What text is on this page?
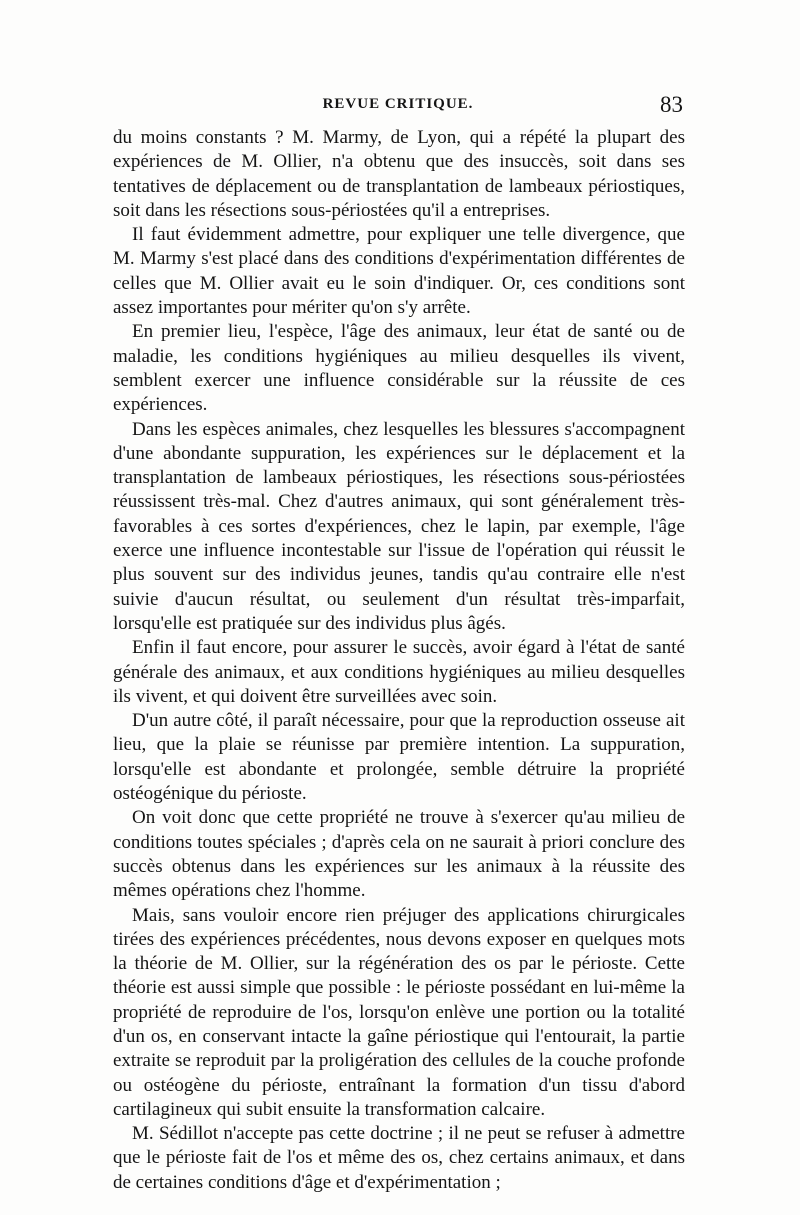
REVUE CRITIQUE.	83

du moins constants ? M. Marmy, de Lyon, qui a répété la plupart des expériences de M. Ollier, n'a obtenu que des insuccès, soit dans ses tentatives de déplacement ou de transplantation de lambeaux périostiques, soit dans les résections sous-périostées qu'il a entreprises.

Il faut évidemment admettre, pour expliquer une telle divergence, que M. Marmy s'est placé dans des conditions d'expérimentation différentes de celles que M. Ollier avait eu le soin d'indiquer. Or, ces conditions sont assez importantes pour mériter qu'on s'y arrête.

En premier lieu, l'espèce, l'âge des animaux, leur état de santé ou de maladie, les conditions hygiéniques au milieu desquelles ils vivent, semblent exercer une influence considérable sur la réussite de ces expériences.

Dans les espèces animales, chez lesquelles les blessures s'accompagnent d'une abondante suppuration, les expériences sur le déplacement et la transplantation de lambeaux périostiques, les résections sous-périostées réussissent très-mal. Chez d'autres animaux, qui sont généralement très-favorables à ces sortes d'expériences, chez le lapin, par exemple, l'âge exerce une influence incontestable sur l'issue de l'opération qui réussit le plus souvent sur des individus jeunes, tandis qu'au contraire elle n'est suivie d'aucun résultat, ou seulement d'un résultat très-imparfait, lorsqu'elle est pratiquée sur des individus plus âgés.

Enfin il faut encore, pour assurer le succès, avoir égard à l'état de santé générale des animaux, et aux conditions hygiéniques au milieu desquelles ils vivent, et qui doivent être surveillées avec soin.

D'un autre côté, il paraît nécessaire, pour que la reproduction osseuse ait lieu, que la plaie se réunisse par première intention. La suppuration, lorsqu'elle est abondante et prolongée, semble détruire la propriété ostéogénique du périoste.

On voit donc que cette propriété ne trouve à s'exercer qu'au milieu de conditions toutes spéciales ; d'après cela on ne saurait à priori conclure des succès obtenus dans les expériences sur les animaux à la réussite des mêmes opérations chez l'homme.

Mais, sans vouloir encore rien préjuger des applications chirurgicales tirées des expériences précédentes, nous devons exposer en quelques mots la théorie de M. Ollier, sur la régénération des os par le périoste. Cette théorie est aussi simple que possible : le périoste possédant en lui-même la propriété de reproduire de l'os, lorsqu'on enlève une portion ou la totalité d'un os, en conservant intacte la gaîne périostique qui l'entourait, la partie extraite se reproduit par la proligération des cellules de la couche profonde ou ostéogène du périoste, entraînant la formation d'un tissu d'abord cartilagineux qui subit ensuite la transformation calcaire.

M. Sédillot n'accepte pas cette doctrine ; il ne peut se refuser à admettre que le périoste fait de l'os et même des os, chez certains animaux, et dans de certaines conditions d'âge et d'expérimentation ;
